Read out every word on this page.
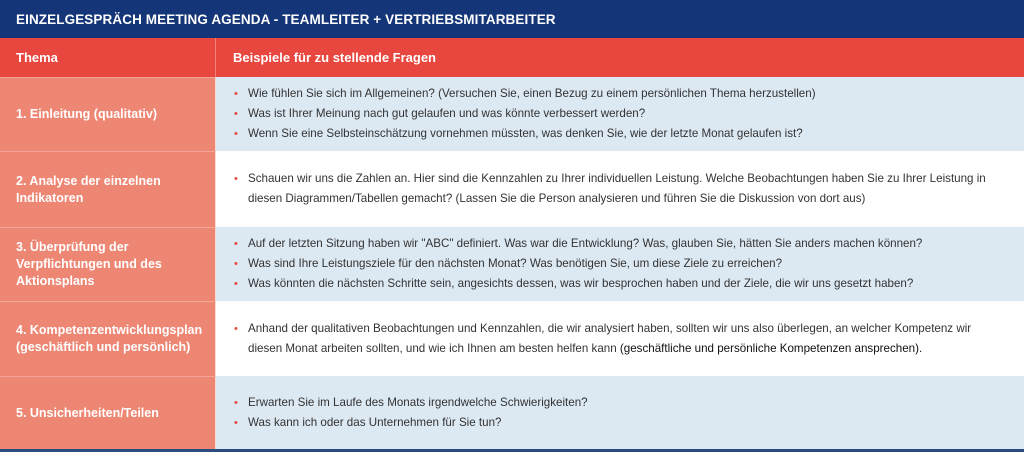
EINZELGESPRÄCH MEETING AGENDA - TEAMLEITER + VERTRIEBSMITARBEITER
Thema	Beispiele für zu stellende Fragen
1. Einleitung (qualitativ)
• Wie fühlen Sie sich im Allgemeinen? (Versuchen Sie, einen Bezug zu einem persönlichen Thema herzustellen)
• Was ist Ihrer Meinung nach gut gelaufen und was könnte verbessert werden?
• Wenn Sie eine Selbsteinschätzung vornehmen müssten, was denken Sie, wie der letzte Monat gelaufen ist?
2. Analyse der einzelnen Indikatoren
• Schauen wir uns die Zahlen an. Hier sind die Kennzahlen zu Ihrer individuellen Leistung. Welche Beobachtungen haben Sie zu Ihrer Leistung in diesen Diagrammen/Tabellen gemacht? (Lassen Sie die Person analysieren und führen Sie die Diskussion von dort aus)
3. Überprüfung der Verpflichtungen und des Aktionsplans
• Auf der letzten Sitzung haben wir "ABC" definiert. Was war die Entwicklung? Was, glauben Sie, hätten Sie anders machen können?
• Was sind Ihre Leistungsziele für den nächsten Monat? Was benötigen Sie, um diese Ziele zu erreichen?
• Was könnten die nächsten Schritte sein, angesichts dessen, was wir besprochen haben und der Ziele, die wir uns gesetzt haben?
4. Kompetenzentwicklungsplan (geschäftlich und persönlich)
• Anhand der qualitativen Beobachtungen und Kennzahlen, die wir analysiert haben, sollten wir uns also überlegen, an welcher Kompetenz wir diesen Monat arbeiten sollten, und wie ich Ihnen am besten helfen kann (geschäftliche und persönliche Kompetenzen ansprechen).
5. Unsicherheiten/Teilen
• Erwarten Sie im Laufe des Monats irgendwelche Schwierigkeiten?
• Was kann ich oder das Unternehmen für Sie tun?
